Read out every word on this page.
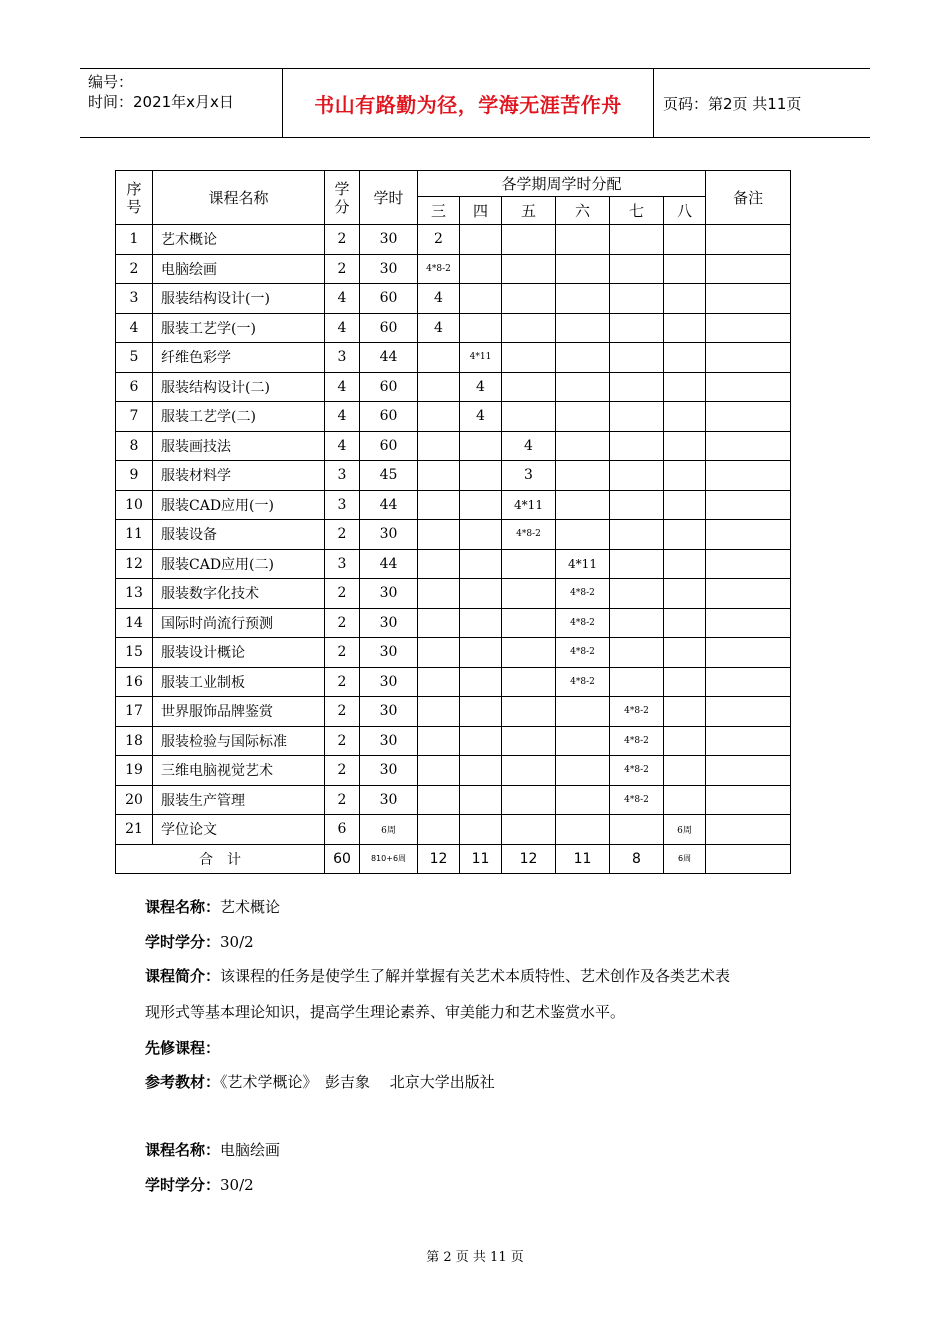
编号：
时间：2021年x月x日	书山有路勤为径，学海无涯苦作舟	页码：第2页 共11页
序号	课程名称	学分	学时	各学期周学时分配						备注
				三	四	五	六	七	八	
1	艺术概论	2	30	2						
2	电脑绘画	2	30	4*8-2						
3	服装结构设计(一)	4	60	4						
4	服装工艺学(一)	4	60	4						
5	纤维色彩学	3	44		4*11					
6	服装结构设计(二)	4	60		4					
7	服装工艺学(二)	4	60		4					
8	服装画技法	4	60			4				
9	服装材料学	3	45			3				
10	服装CAD应用(一)	3	44			4*11				
11	服装设备	2	30			4*8-2				
12	服装CAD应用(二)	3	44				4*11			
13	服装数字化技术	2	30				4*8-2			
14	国际时尚流行预测	2	30				4*8-2			
15	服装设计概论	2	30				4*8-2			
16	服装工业制板	2	30				4*8-2			
17	世界服饰品牌鉴赏	2	30					4*8-2		
18	服装检验与国际标准	2	30					4*8-2		
19	三维电脑视觉艺术	2	30					4*8-2		
20	服装生产管理	2	30					4*8-2		
21	学位论文	6	6周						6周	
合　计		60	810+6周	12	11	12	11	8	6周	
课程名称：艺术概论
学时学分：30/2
课程简介：该课程的任务是使学生了解并掌握有关艺术本质特性、艺术创作及各类艺术表
现形式等基本理论知识，提高学生理论素养、审美能力和艺术鉴赏水平。
先修课程：
参考教材：《艺术学概论》　彭吉象　 北京大学出版社
课程名称：电脑绘画
学时学分：30/2
第 2 页 共 11 页
